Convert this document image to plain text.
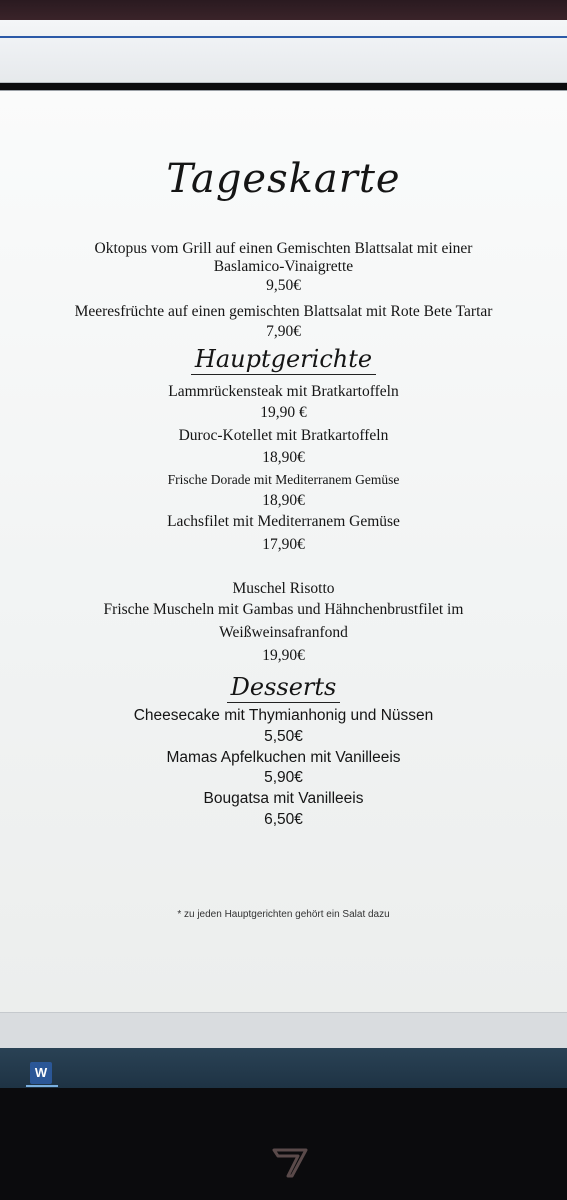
Tageskarte
Oktopus vom Grill auf einen Gemischten Blattsalat mit einer
Baslamico-Vinaigrette
9,50€
Meeresfrüchte auf einen gemischten Blattsalat mit Rote Bete Tartar
7,90€
Hauptgerichte
Lammrückensteak mit Bratkartoffeln
19,90 €
Duroc-Kotellet mit Bratkartoffeln
18,90€
Frische Dorade mit Mediterranem Gemüse
18,90€
Lachsfilet mit Mediterranem Gemüse
17,90€
Muschel Risotto
Frische Muscheln mit Gambas und Hähnchenbrustfilet im
Weißweinsafranfond
19,90€
Desserts
Cheesecake mit Thymianhonig und Nüssen
5,50€
Mamas Apfelkuchen mit Vanilleeis
5,90€
Bougatsa mit Vanilleeis
6,50€
* zu jeden Hauptgerichten gehört ein Salat dazu
W
